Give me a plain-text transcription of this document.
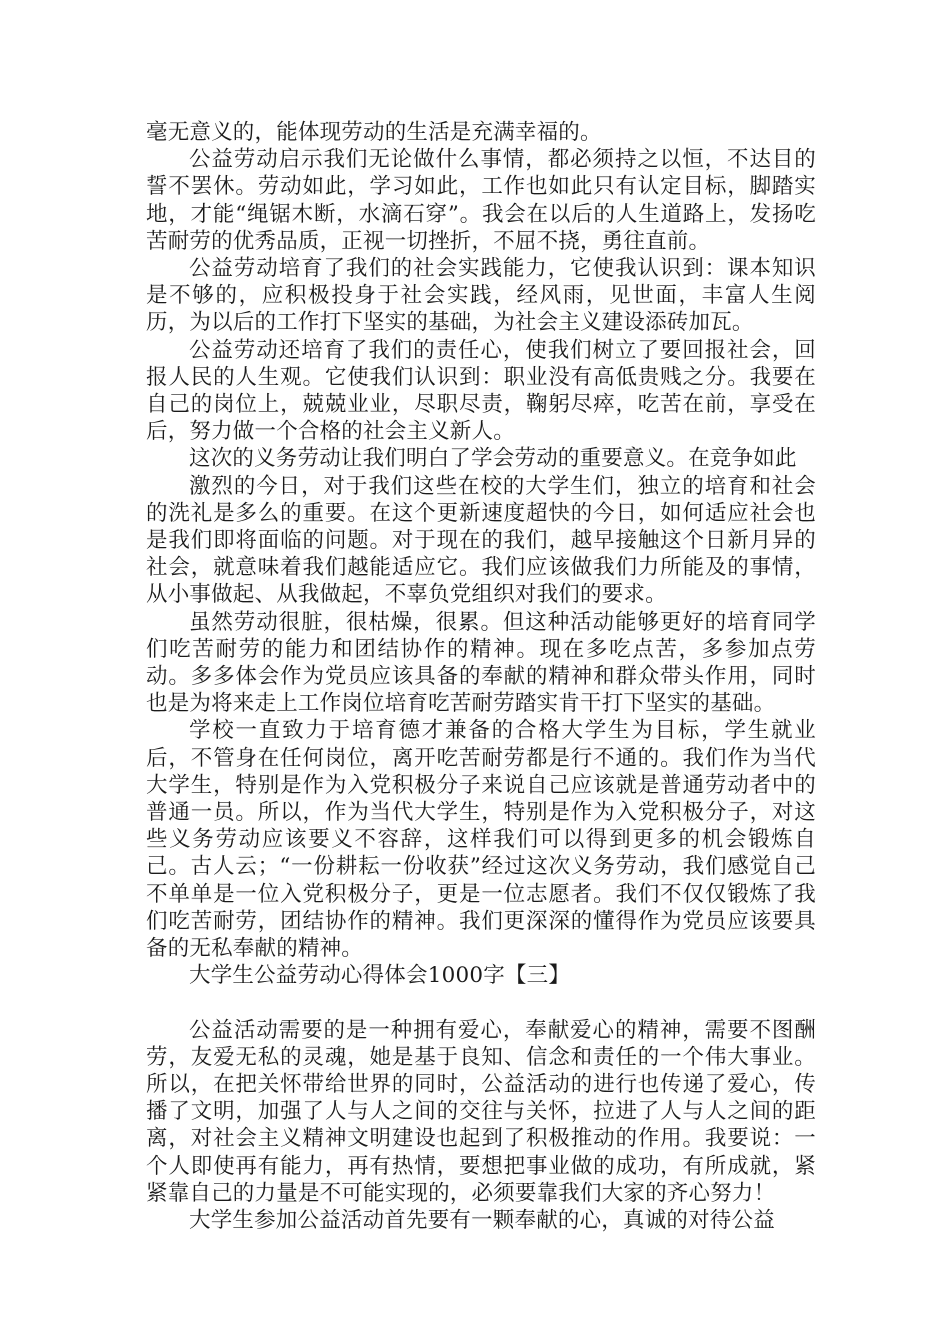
毫无意义的，能体现劳动的生活是充满幸福的。

公益劳动启示我们无论做什么事情，都必须持之以恒，不达目的誓不罢休。劳动如此，学习如此，工作也如此只有认定目标，脚踏实地，才能“绳锯木断，水滴石穿”。我会在以后的人生道路上，发扬吃苦耐劳的优秀品质，正视一切挫折，不屈不挠，勇往直前。

公益劳动培育了我们的社会实践能力，它使我认识到：课本知识是不够的，应积极投身于社会实践，经风雨，见世面，丰富人生阅历，为以后的工作打下坚实的基础，为社会主义建设添砖加瓦。

公益劳动还培育了我们的责任心，使我们树立了要回报社会，回报人民的人生观。它使我们认识到：职业没有高低贵贱之分。我要在自己的岗位上，兢兢业业，尽职尽责，鞠躬尽瘁，吃苦在前，享受在后，努力做一个合格的社会主义新人。

这次的义务劳动让我们明白了学会劳动的重要意义。在竞争如此

激烈的今日，对于我们这些在校的大学生们，独立的培育和社会的洗礼是多么的重要。在这个更新速度超快的今日，如何适应社会也是我们即将面临的问题。对于现在的我们，越早接触这个日新月异的社会，就意味着我们越能适应它。我们应该做我们力所能及的事情，从小事做起、从我做起，不辜负党组织对我们的要求。

虽然劳动很脏，很枯燥，很累。但这种活动能够更好的培育同学们吃苦耐劳的能力和团结协作的精神。现在多吃点苦，多参加点劳动。多多体会作为党员应该具备的奉献的精神和群众带头作用，同时也是为将来走上工作岗位培育吃苦耐劳踏实肯干打下坚实的基础。

学校一直致力于培育德才兼备的合格大学生为目标，学生就业后，不管身在任何岗位，离开吃苦耐劳都是行不通的。我们作为当代大学生，特别是作为入党积极分子来说自己应该就是普通劳动者中的普通一员。所以，作为当代大学生，特别是作为入党积极分子，对这些义务劳动应该要义不容辞，这样我们可以得到更多的机会锻炼自己。古人云；“一份耕耘一份收获”经过这次义务劳动，我们感觉自己不单单是一位入党积极分子，更是一位志愿者。我们不仅仅锻炼了我们吃苦耐劳，团结协作的精神。我们更深深的懂得作为党员应该要具备的无私奉献的精神。

大学生公益劳动心得体会1000字【三】

公益活动需要的是一种拥有爱心，奉献爱心的精神，需要不图酬劳，友爱无私的灵魂，她是基于良知、信念和责任的一个伟大事业。所以，在把关怀带给世界的同时，公益活动的进行也传递了爱心，传播了文明，加强了人与人之间的交往与关怀，拉进了人与人之间的距离，对社会主义精神文明建设也起到了积极推动的作用。我要说：一个人即使再有能力，再有热情，要想把事业做的成功，有所成就，紧紧靠自己的力量是不可能实现的，必须要靠我们大家的齐心努力！

大学生参加公益活动首先要有一颗奉献的心，真诚的对待公益
